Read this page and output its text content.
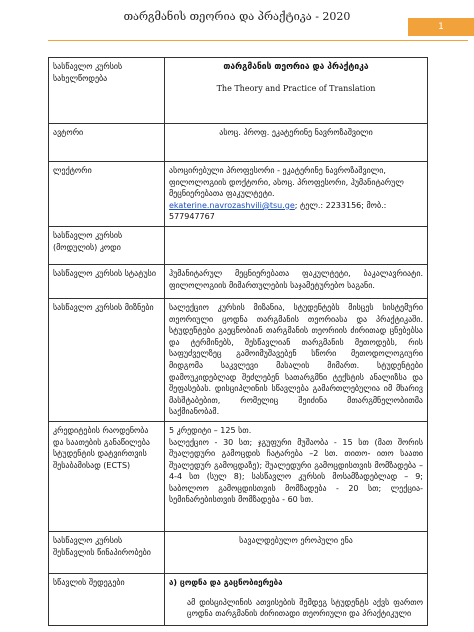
თარგმანის თეორია და პრაქტიკა - 2020
1
სასწავლო კურსის სახელწოდება	თარგმანის თეორია და პრაქტიკა
The Theory and Practice of Translation

ავტორი	ასოც. პროფ. ეკატერინე ნავროზაშვილი
ლექტორი	ასოცირებული პროფესორი - ეკატერინე ნავროზაშვილი, ფილოლოგიის დოქტორი, ასოც. პროფესორი, ჰუმანიტარულ მეცნიერებათა ფაკულტეტი.
ekaterine.navrozashvili@tsu.ge; ტელ.: 2233156; მობ.: 577947767
სასწავლო კურსის (მოდულის) კოდი	
სასწავლო კურსის სტატუსი	ჰუმანიტარულ მეცნიერებათა ფაკულტეტი, ბაკალავრიატი. ფილოლოგიის მიმართულების საჯამეტურებო საგანი.
სასწავლო კურსის მიზნები	სალექციო კურსის მიზანია, სტუდენტებს მისცეს სისტემური თეორიული ცოდნა თარგმანის თეორიასა და პრაქტიკაში. სტუდენტები გაეცნობიან თარგმანის თეორიის ძირითად ცნებებსა და ტერმინებს, შესწავლიან თარგმანის მეთოდებს, რის საფუძველზეც გამოიმუშავებენ სწორი მეთოდოლოგიური მიდგომა საკვლევი მასალის მიმართ. სტუდენტები დამოუკიდებლად შეძლებენ სათარგმნი ტექსტის ანალიზსა და შეფასებას. დისციპლინის სწავლება გამართლებულია იმ მხარივ მასშტაბებით, რომელიც შეიძინა მთარგმნელობითმა საქმიანობამ.
კრედიტების რაოდენობა და საათების განაწილება სტუდენტის დატვირთვის შესაბამისად (ECTS)	5 კრედიტი – 125 სთ.
სალექციო - 30 სთ; ჯგუფური მუშაობა - 15 სთ (მათ შორის შუალედური გამოცდის ჩატარება –2 სთ. თითო- ითო საათი შუალედურ გამოცდაზე); შუალედური გამოცდისთვის მომზადება – 4-4 სთ (სულ 8); სასწავლო კურსის მოსამზადებლად – 9; საბოლოო გამოცდისთვის მომზადება - 20 სთ; ლექცია-სემინარებისთვის მომზადება - 60 სთ.

სასწავლო კურსის შესწავლის წინაპირობები	სავალდებულო ეროპული ენა
სწავლის შედეგები	ა) ცოდნა და გაცნობიერება
ამ დისციპლინის ათვისების შემდეგ სტუდენტს აქვს ფართო ცოდნა თარგმანის ძირითადი თეორიული და პრაქტიკული
